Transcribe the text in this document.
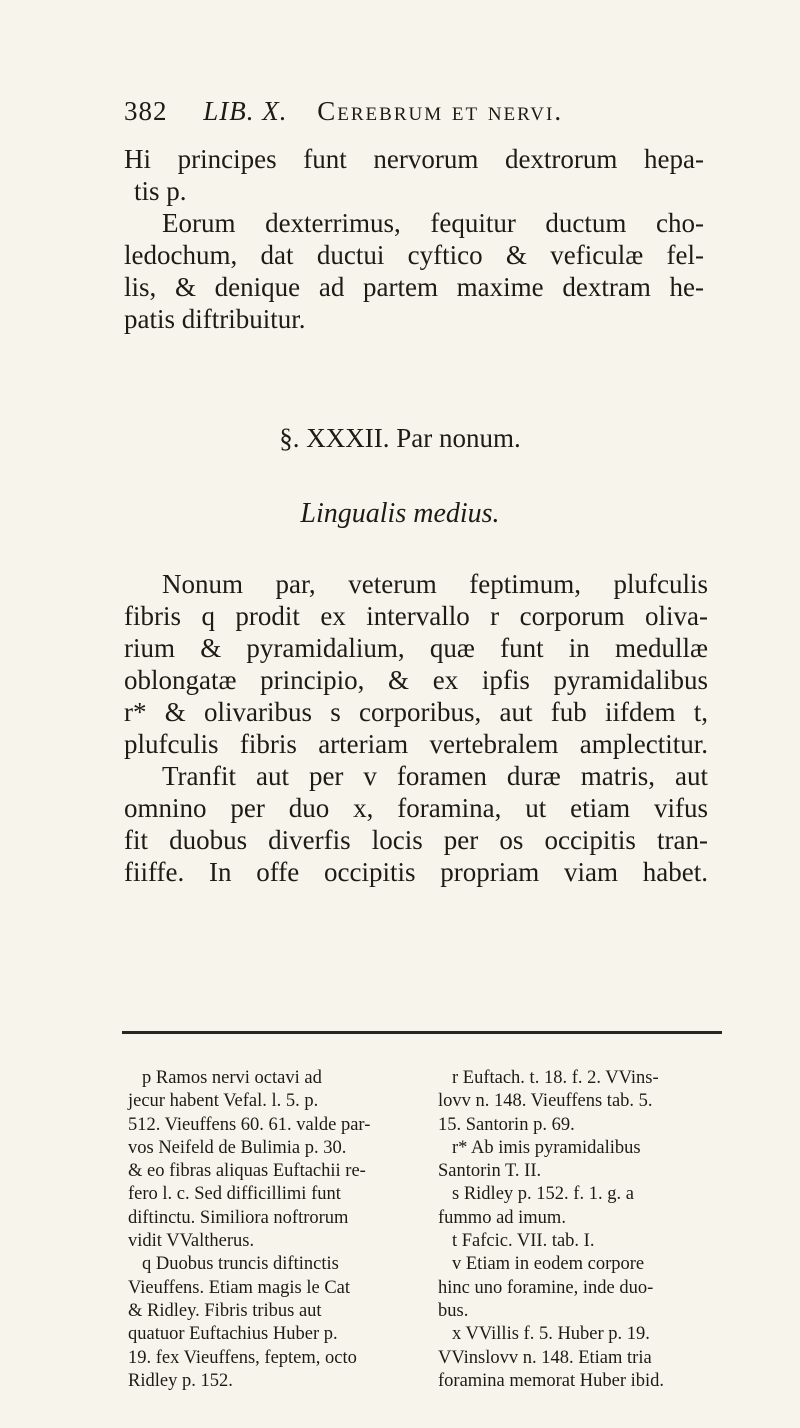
382 LIB. X. Cerebrum et nervi.
Hi principes funt nervorum dextrorum hepa-
tis p.
Eorum dexterrimus, fequitur ductum cho-
ledochum, dat ductui cyftico & veficulæ fel-
lis, & denique ad partem maxime dextram he-
patis diftribuitur.
§. XXXII. Par nonum.
Lingualis medius.
Nonum par, veterum feptimum, plufculis
fibris q prodit ex intervallo r corporum oliva-
rium & pyramidalium, quæ funt in medullæ
oblongatæ principio, & ex ipfis pyramidalibus
r* & olivaribus s corporibus, aut fub iifdem t,
plufculis fibris arteriam vertebralem amplectitur.
Tranfit aut per v foramen duræ matris, aut
omnino per duo x, foramina, ut etiam vifus
fit duobus diverfis locis per os occipitis tran-
fiiffe. In offe occipitis propriam viam habet.
p Ramos nervi octavi ad
jecur habent Vefal. l. 5. p.
512. Vieuffens 60. 61. valde par-
vos Neifeld de Bulimia p. 30.
& eo fibras aliquas Euftachii re-
fero l. c. Sed difficillimi funt
diftinctu. Similiora noftrorum
vidit VValtherus.
q Duobus truncis diftinctis
Vieuffens. Etiam magis le Cat
& Ridley. Fibris tribus aut
quatuor Euftachius Huber p.
19. fex Vieuffens, feptem, octo
Ridley p. 152.
r Euftach. t. 18. f. 2. VVins-
lovv n. 148. Vieuffens tab. 5.
15. Santorin p. 69.
r* Ab imis pyramidalibus
Santorin T. II.
s Ridley p. 152. f. 1. g. a
fummo ad imum.
t Fafcic. VII. tab. I.
v Etiam in eodem corpore
hinc uno foramine, inde duo-
bus.
x VVillis f. 5. Huber p. 19.
VVinslovv n. 148. Etiam tria
foramina memorat Huber ibid.
